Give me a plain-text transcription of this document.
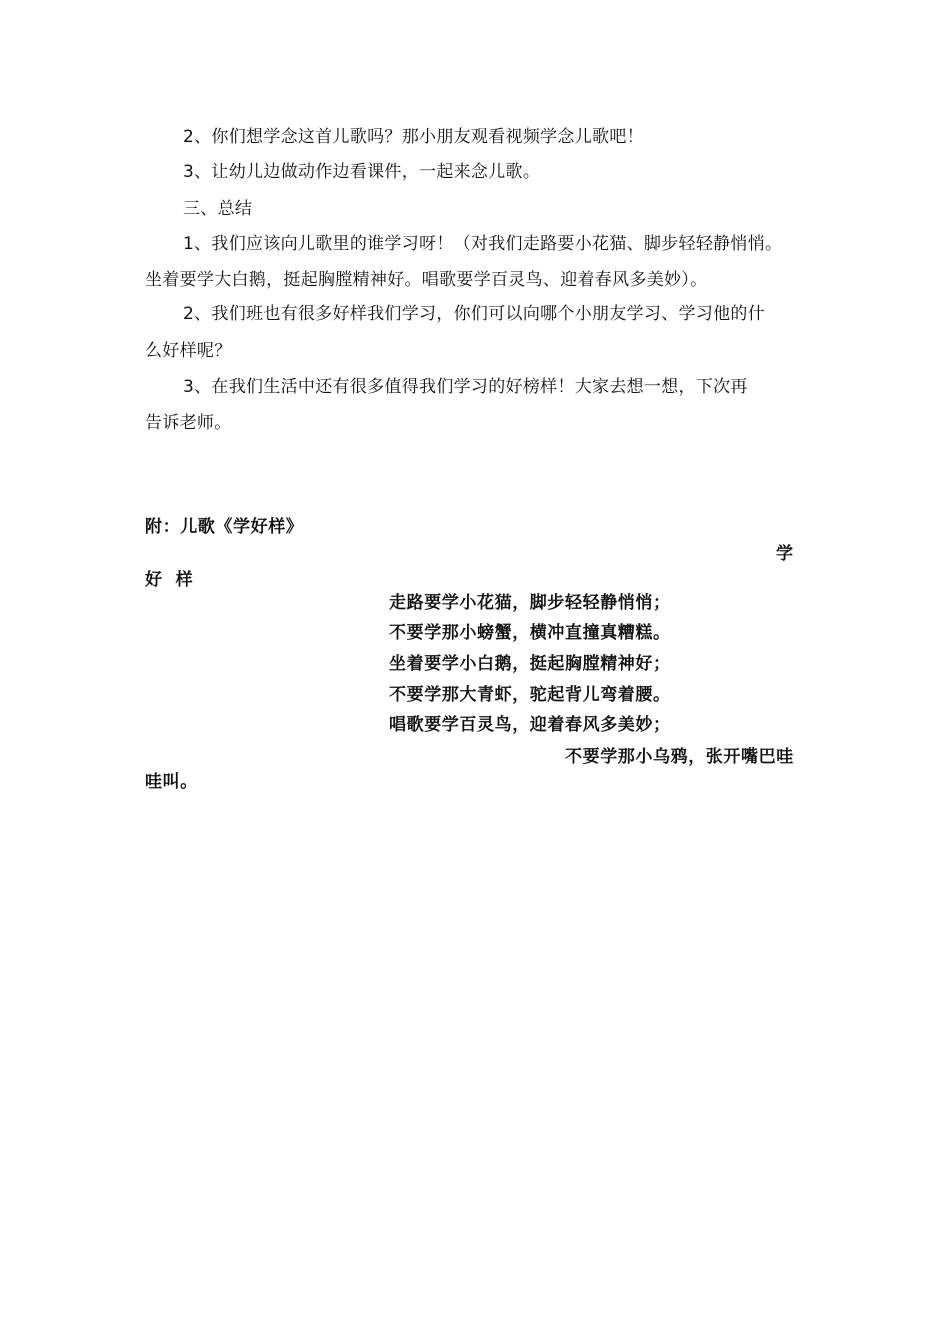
2、你们想学念这首儿歌吗？那小朋友观看视频学念儿歌吧！
3、让幼儿边做动作边看课件，一起来念儿歌。
三、总结
1、我们应该向儿歌里的谁学习呀！（对我们走路要小花猫、脚步轻轻静悄悄。
坐着要学大白鹅，挺起胸膛精神好。唱歌要学百灵鸟、迎着春风多美妙）。
2、我们班也有很多好样我们学习，你们可以向哪个小朋友学习、学习他的什
么好样呢？
3、在我们生活中还有很多值得我们学习的好榜样！大家去想一想，下次再
告诉老师。
附：儿歌《学好样》
学
好  样
走路要学小花猫，脚步轻轻静悄悄；
不要学那小螃蟹，横冲直撞真糟糕。
坐着要学小白鹅，挺起胸膛精神好；
不要学那大青虾，驼起背儿弯着腰。
唱歌要学百灵鸟，迎着春风多美妙；
不要学那小乌鸦，张开嘴巴哇
哇叫。
